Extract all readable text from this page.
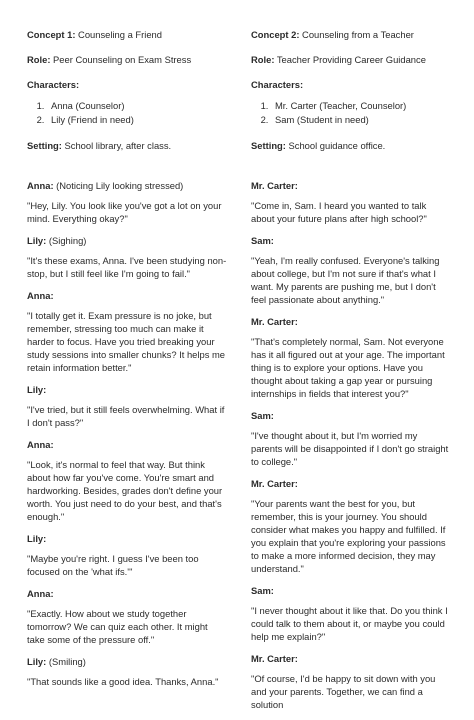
Concept 1: Counseling a Friend

Role: Peer Counseling on Exam Stress

Characters:

1. Anna (Counselor)
2. Lily (Friend in need)

Setting: School library, after class.

Anna: (Noticing Lily looking stressed)

"Hey, Lily. You look like you've got a lot on your mind. Everything okay?"

Lily: (Sighing)

"It's these exams, Anna. I've been studying non-stop, but I still feel like I'm going to fail."

Anna:

"I totally get it. Exam pressure is no joke, but remember, stressing too much can make it harder to focus. Have you tried breaking your study sessions into smaller chunks? It helps me retain information better."

Lily:

"I've tried, but it still feels overwhelming. What if I don't pass?"

Anna:

"Look, it's normal to feel that way. But think about how far you've come. You're smart and hardworking. Besides, grades don't define your worth. You just need to do your best, and that's enough."

Lily:

"Maybe you're right. I guess I've been too focused on the 'what ifs.'"

Anna:

"Exactly. How about we study together tomorrow? We can quiz each other. It might take some of the pressure off."

Lily: (Smiling)

"That sounds like a good idea. Thanks, Anna."

Concept 2: Counseling from a Teacher

Role: Teacher Providing Career Guidance

Characters:

1. Mr. Carter (Teacher, Counselor)
2. Sam (Student in need)

Setting: School guidance office.

Mr. Carter:

"Come in, Sam. I heard you wanted to talk about your future plans after high school?"

Sam:

"Yeah, I'm really confused. Everyone's talking about college, but I'm not sure if that's what I want. My parents are pushing me, but I don't feel passionate about anything."

Mr. Carter:

"That's completely normal, Sam. Not everyone has it all figured out at your age. The important thing is to explore your options. Have you thought about taking a gap year or pursuing internships in fields that interest you?"

Sam:

"I've thought about it, but I'm worried my parents will be disappointed if I don't go straight to college."

Mr. Carter:

"Your parents want the best for you, but remember, this is your journey. You should consider what makes you happy and fulfilled. If you explain that you're exploring your passions to make a more informed decision, they may understand."

Sam:

"I never thought about it like that. Do you think I could talk to them about it, or maybe you could help me explain?"

Mr. Carter:

"Of course, I'd be happy to sit down with you and your parents. Together, we can find a solution
